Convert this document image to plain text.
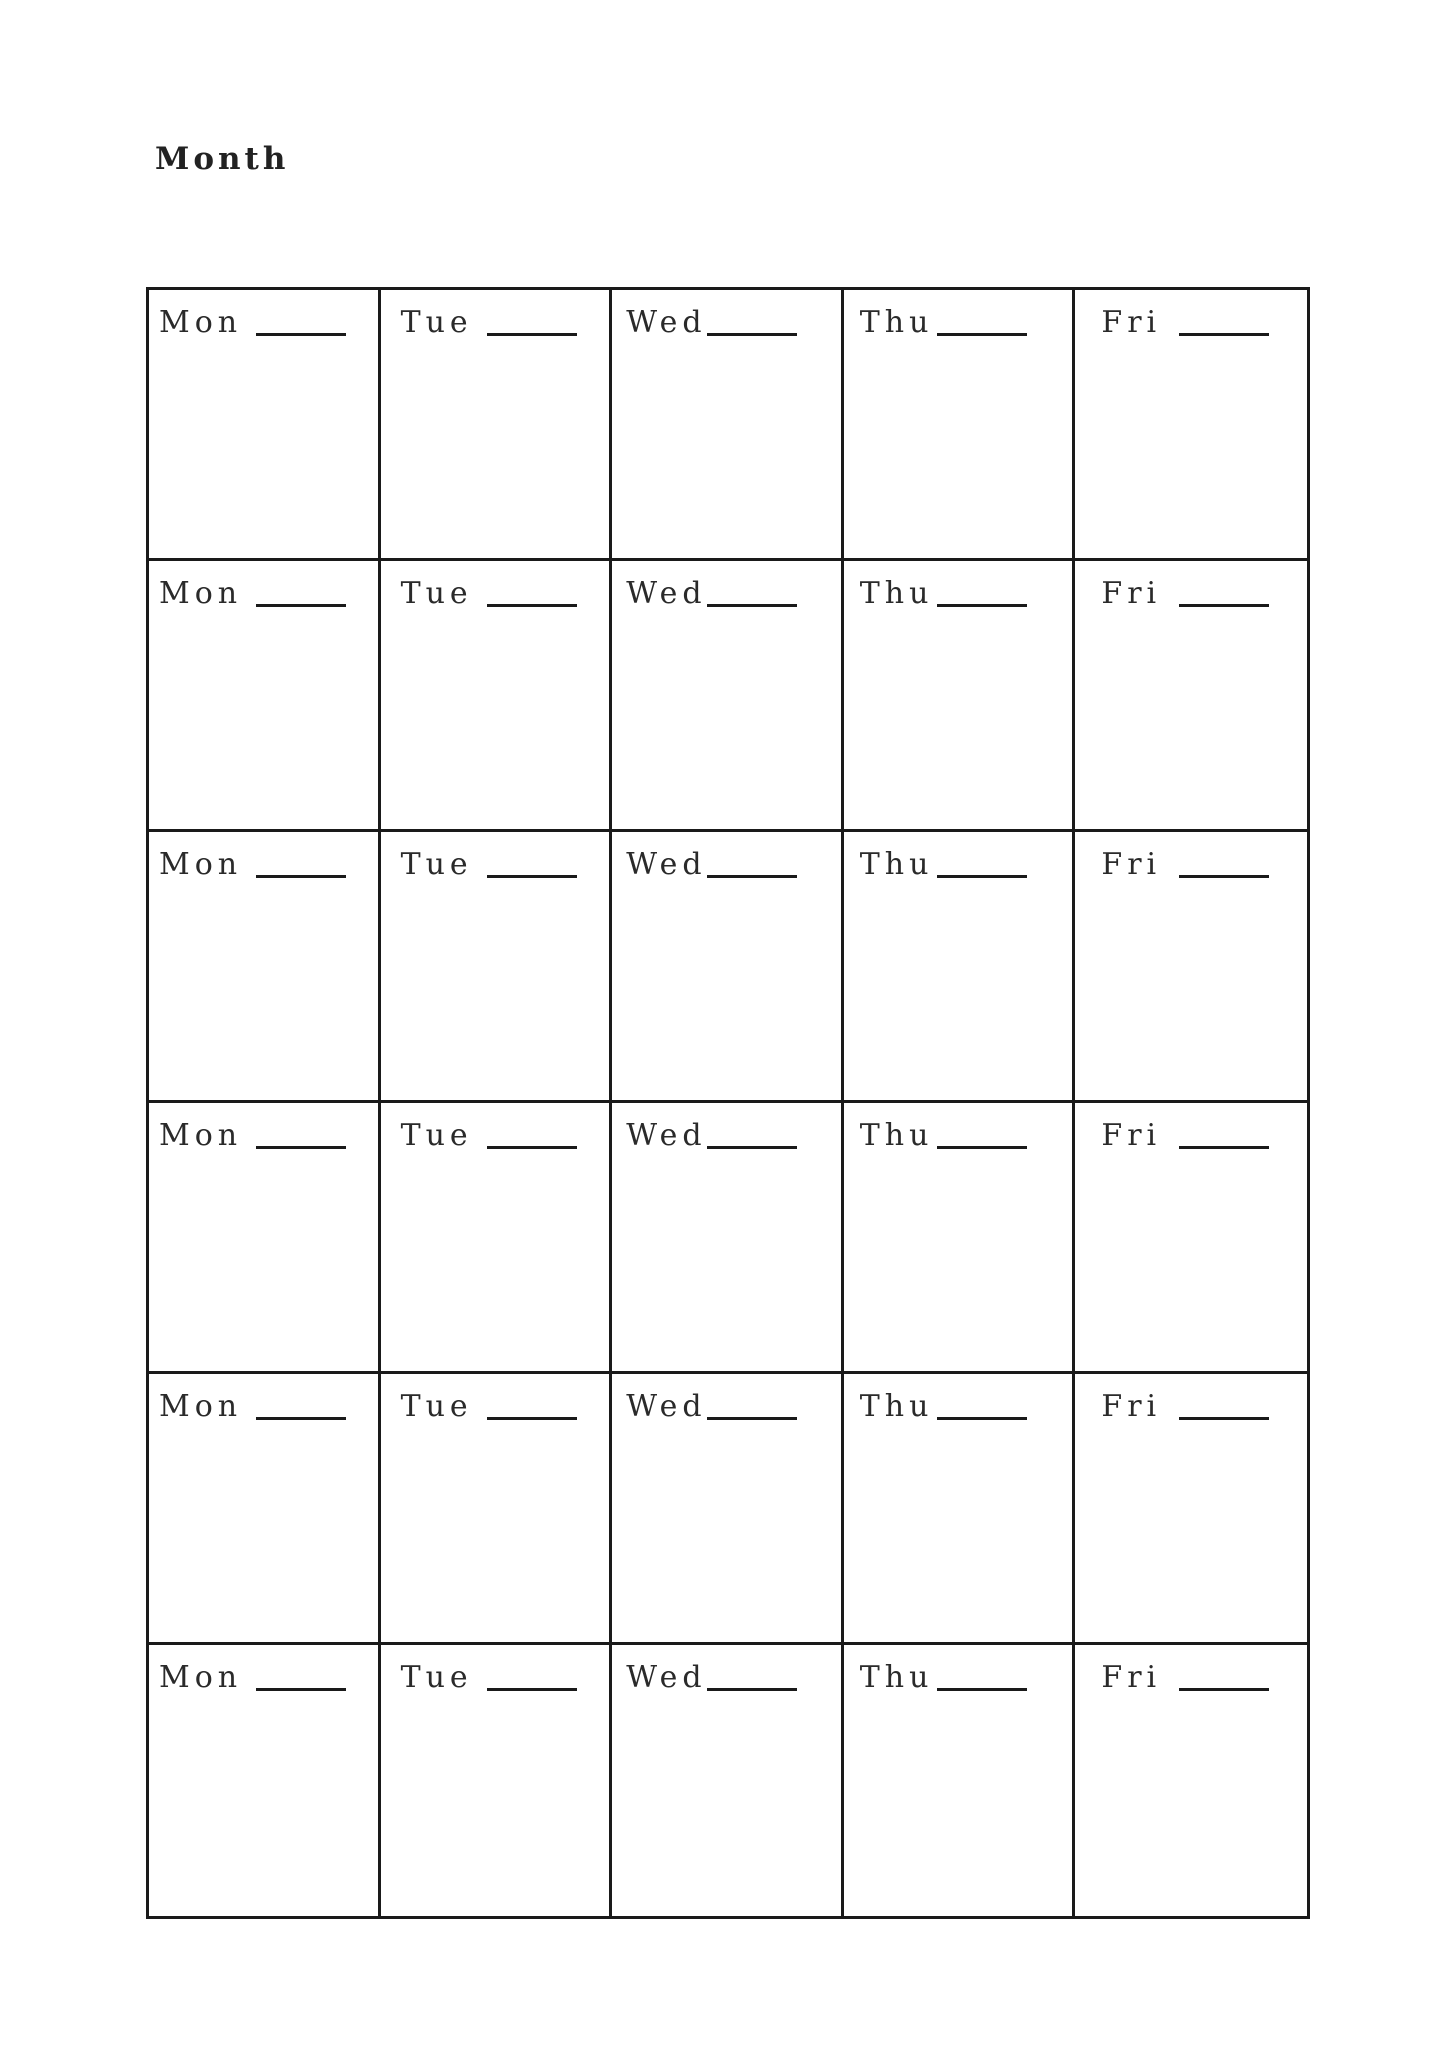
Month
Mon	Tue	Wed	Thu	Fri
Mon	Tue	Wed	Thu	Fri
Mon	Tue	Wed	Thu	Fri
Mon	Tue	Wed	Thu	Fri
Mon	Tue	Wed	Thu	Fri
Mon	Tue	Wed	Thu	Fri
